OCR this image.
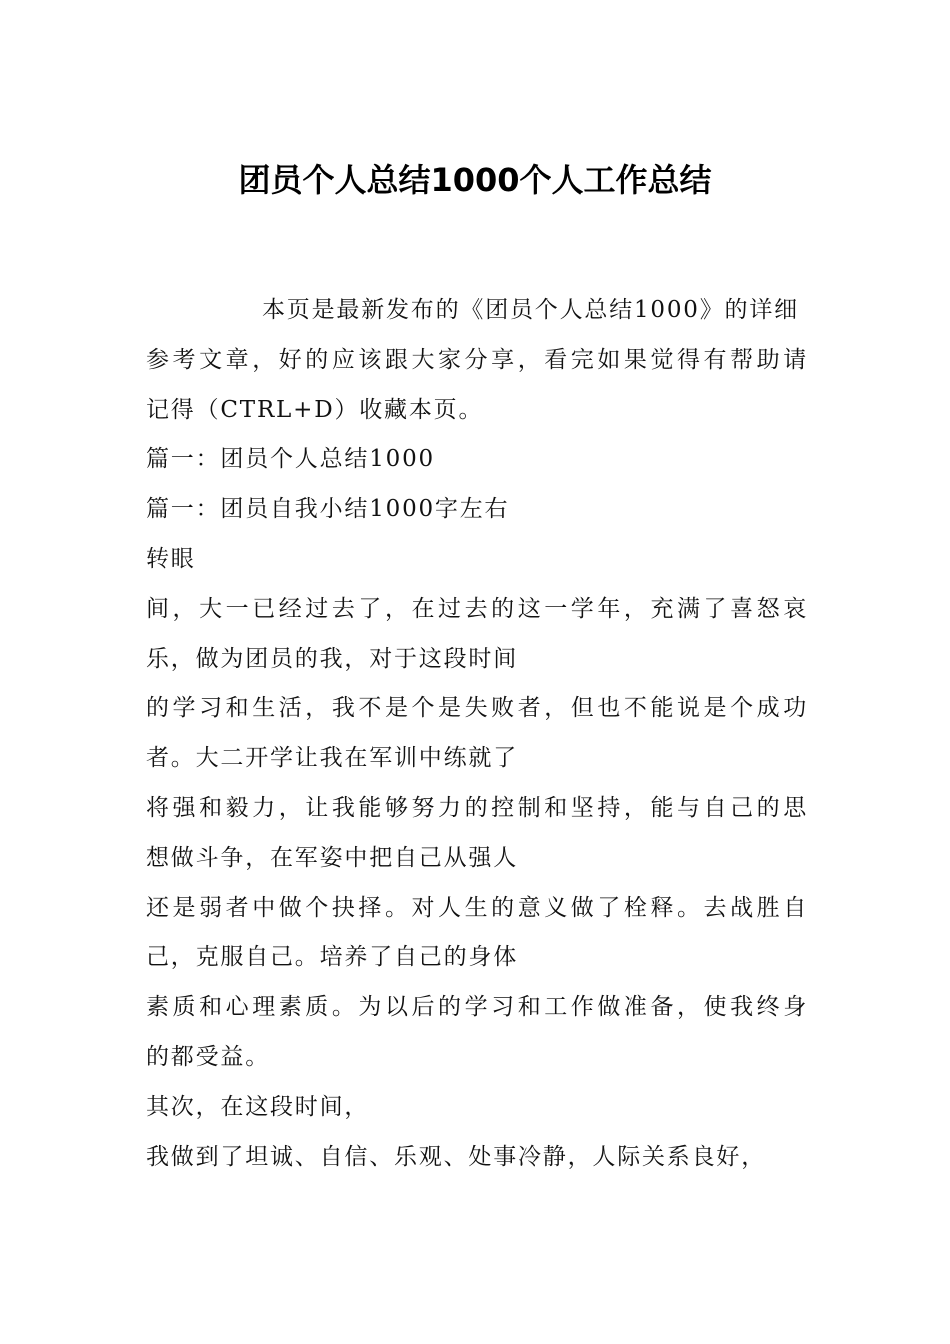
团员个人总结1000个人工作总结
本页是最新发布的《团员个人总结1000》的详细
参考文章，好的应该跟大家分享，看完如果觉得有帮助请
记得（CTRL+D）收藏本页。
篇一：团员个人总结1000
篇一：团员自我小结1000字左右
转眼
间，大一已经过去了，在过去的这一学年，充满了喜怒哀
乐，做为团员的我，对于这段时间
的学习和生活，我不是个是失败者，但也不能说是个成功
者。大二开学让我在军训中练就了
将强和毅力，让我能够努力的控制和坚持，能与自己的思
想做斗争，在军姿中把自己从强人
还是弱者中做个抉择。对人生的意义做了栓释。去战胜自
己，克服自己。培养了自己的身体
素质和心理素质。为以后的学习和工作做准备，使我终身
的都受益。
其次，在这段时间，
我做到了坦诚、自信、乐观、处事冷静，人际关系良好，
